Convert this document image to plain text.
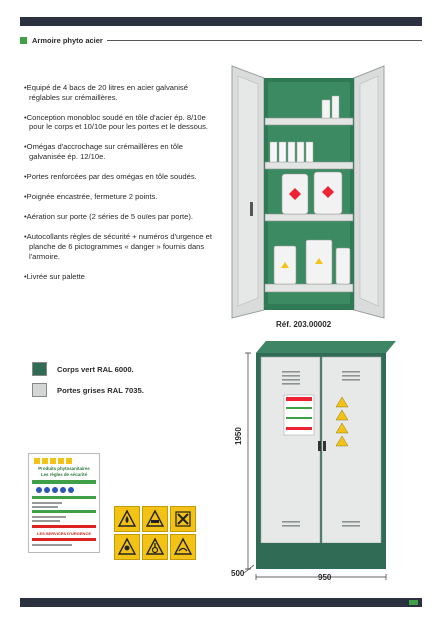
Armoire phyto acier
•Equipé de 4 bacs de 20 litres en acier galvanisé réglables sur crémaillères.
•Conception monobloc soudé en tôle d'acier ép. 8/10e pour le corps et 10/10e pour les portes et le dessous.
•Omégas d'accrochage sur crémaillères en tôle galvanisée ép. 12/10e.
•Portes renforcées par des omégas en tôle soudés.
•Poignée encastrée, fermeture 2 points.
•Aération sur porte (2 séries de 5 ouïes par porte).
•Autocollants règles de sécurité + numéros d'urgence et planche de 6 pictogrammes « danger » fournis dans l'armoire.
•Livrée sur palette
Réf. 203.00002
Corps vert RAL 6000.
Portes grises RAL 7035.
Produits phytosanitaires
Les règles de sécurité
LES SERVICES D'URGENCE
1950
500	950
